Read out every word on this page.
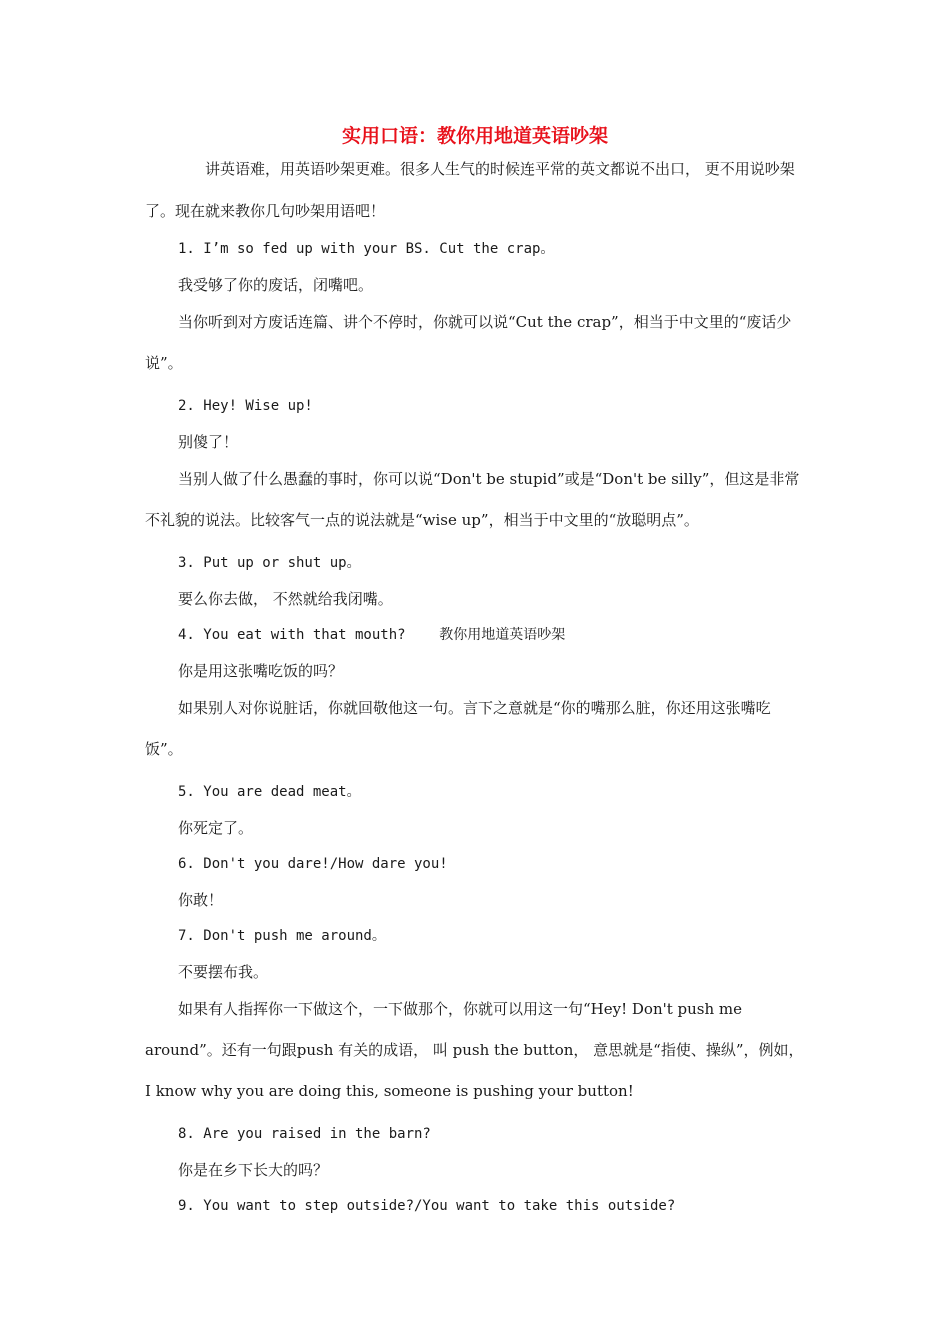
实用口语：教你用地道英语吵架

讲英语难，用英语吵架更难。很多人生气的时候连平常的英文都说不出口， 更不用说吵架了。现在就来教你几句吵架用语吧！

1. I’m so fed up with your BS. Cut the crap。

我受够了你的废话，闭嘴吧。

当你听到对方废话连篇、讲个不停时，你就可以说“Cut the crap”，相当于中文里的“废话少说”。

2. Hey! Wise up!

别傻了！

当别人做了什么愚蠢的事时，你可以说“Don't be stupid”或是“Don't be silly”，但这是非常不礼貌的说法。比较客气一点的说法就是“wise up”，相当于中文里的“放聪明点”。

3. Put up or shut up。

要么你去做， 不然就给我闭嘴。

4. You eat with that mouth?    教你用地道英语吵架

你是用这张嘴吃饭的吗？

如果别人对你说脏话，你就回敬他这一句。言下之意就是“你的嘴那么脏，你还用这张嘴吃饭”。

5. You are dead meat。

你死定了。

6. Don't you dare!/How dare you!

你敢！

7. Don't push me around。

不要摆布我。

如果有人指挥你一下做这个，一下做那个，你就可以用这一句“Hey! Don't push me around”。还有一句跟push 有关的成语， 叫 push the button， 意思就是“指使、操纵”，例如， I know why you are doing this, someone is pushing your button!

8. Are you raised in the barn?

你是在乡下长大的吗？

9. You want to step outside?/You want to take this outside?
